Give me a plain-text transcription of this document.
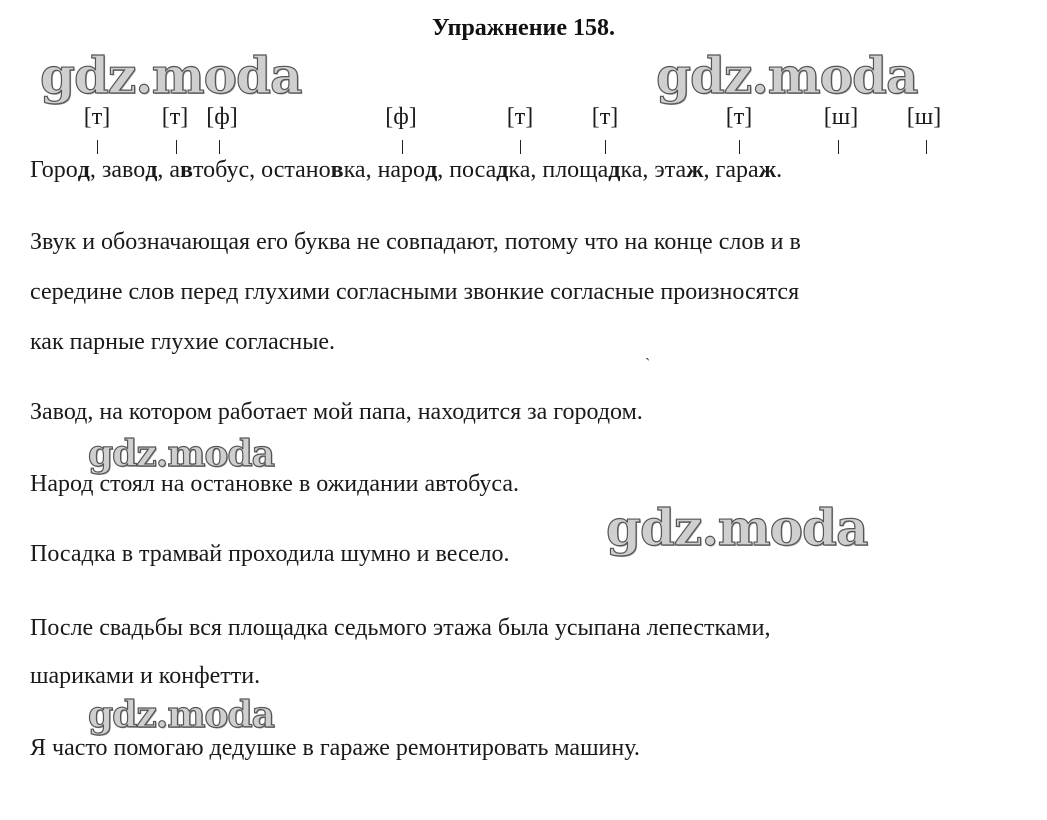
Упражнение 158.
gdz.moda	gdz.moda
[т] [т] [ф]	[ф]	[т] [т]	[т]	[ш] [ш]
Город, завод, автобус, остановка, народ, посадка, площадка, этаж, гараж.
Звук и обозначающая его буква не совпадают, потому что на конце слов и в
середине слов перед глухими согласными звонкие согласные произносятся
как парные глухие согласные.
`
Завод, на котором работает мой папа, находится за городом.
gdz.moda
Народ стоял на остановке в ожидании автобуса.
Посадка в трамвай проходила шумно и весело. gdz.moda
После свадьбы вся площадка седьмого этажа была усыпана лепестками,
шариками и конфетти.
gdz.moda
Я часто помогаю дедушке в гараже ремонтировать машину.
